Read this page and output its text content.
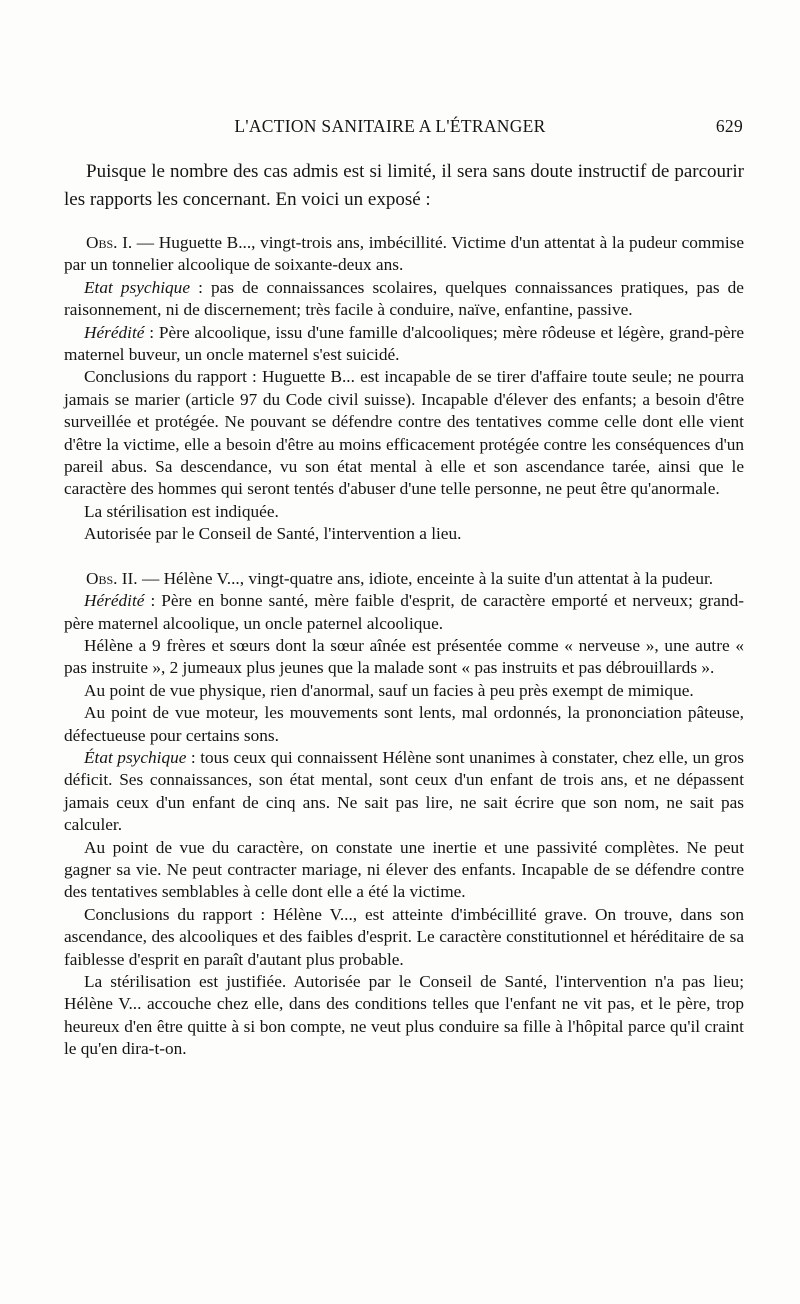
L'ACTION SANITAIRE A L'ÉTRANGER	629

Puisque le nombre des cas admis est si limité, il sera sans doute instructif de parcourir les rapports les concernant. En voici un exposé :

Obs. I. — Huguette B..., vingt-trois ans, imbécillité. Victime d'un attentat à la pudeur commise par un tonnelier alcoolique de soixante-deux ans.

Etat psychique : pas de connaissances scolaires, quelques connaissances pratiques, pas de raisonnement, ni de discernement; très facile à conduire, naïve, enfantine, passive.

Hérédité : Père alcoolique, issu d'une famille d'alcooliques; mère rôdeuse et légère, grand-père maternel buveur, un oncle maternel s'est suicidé.

Conclusions du rapport : Huguette B... est incapable de se tirer d'affaire toute seule; ne pourra jamais se marier (article 97 du Code civil suisse). Incapable d'élever des enfants; a besoin d'être surveillée et protégée. Ne pouvant se défendre contre des tentatives comme celle dont elle vient d'être la victime, elle a besoin d'être au moins efficacement protégée contre les conséquences d'un pareil abus. Sa descendance, vu son état mental à elle et son ascendance tarée, ainsi que le caractère des hommes qui seront tentés d'abuser d'une telle personne, ne peut être qu'anormale.

La stérilisation est indiquée.

Autorisée par le Conseil de Santé, l'intervention a lieu.

Obs. II. — Hélène V..., vingt-quatre ans, idiote, enceinte à la suite d'un attentat à la pudeur.

Hérédité : Père en bonne santé, mère faible d'esprit, de caractère emporté et nerveux; grand-père maternel alcoolique, un oncle paternel alcoolique.

Hélène a 9 frères et sœurs dont la sœur aînée est présentée comme « nerveuse », une autre « pas instruite », 2 jumeaux plus jeunes que la malade sont « pas instruits et pas débrouillards ».

Au point de vue physique, rien d'anormal, sauf un facies à peu près exempt de mimique.

Au point de vue moteur, les mouvements sont lents, mal ordonnés, la prononciation pâteuse, défectueuse pour certains sons.

État psychique : tous ceux qui connaissent Hélène sont unanimes à constater, chez elle, un gros déficit. Ses connaissances, son état mental, sont ceux d'un enfant de trois ans, et ne dépassent jamais ceux d'un enfant de cinq ans. Ne sait pas lire, ne sait écrire que son nom, ne sait pas calculer.

Au point de vue du caractère, on constate une inertie et une passivité complètes. Ne peut gagner sa vie. Ne peut contracter mariage, ni élever des enfants. Incapable de se défendre contre des tentatives semblables à celle dont elle a été la victime.

Conclusions du rapport : Hélène V..., est atteinte d'imbécillité grave. On trouve, dans son ascendance, des alcooliques et des faibles d'esprit. Le caractère constitutionnel et héréditaire de sa faiblesse d'esprit en paraît d'autant plus probable.

La stérilisation est justifiée. Autorisée par le Conseil de Santé, l'intervention n'a pas lieu; Hélène V... accouche chez elle, dans des conditions telles que l'enfant ne vit pas, et le père, trop heureux d'en être quitte à si bon compte, ne veut plus conduire sa fille à l'hôpital parce qu'il craint le qu'en dira-t-on.
